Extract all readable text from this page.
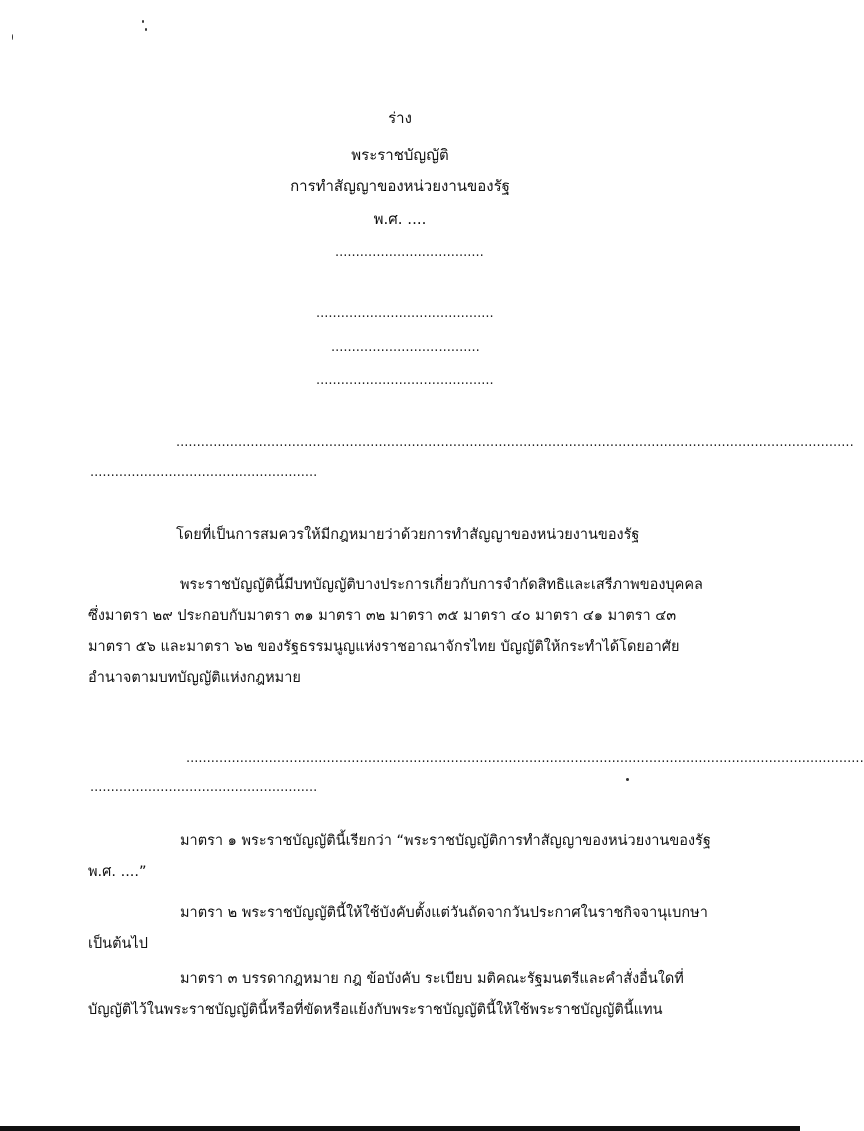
ร่าง
พระราชบัญญัติ
การทำสัญญาของหน่วยงานของรัฐ
พ.ศ. ....
....................................
...........................................
....................................
...........................................
....................................................................................................................................................................
.......................................................
โดยที่เป็นการสมควรให้มีกฎหมายว่าด้วยการทำสัญญาของหน่วยงานของรัฐ
พระราชบัญญัตินี้มีบทบัญญัติบางประการเกี่ยวกับการจำกัดสิทธิและเสรีภาพของบุคคล
ซึ่งมาตรา ๒๙ ประกอบกับมาตรา ๓๑ มาตรา ๓๒ มาตรา ๓๕ มาตรา ๔๐ มาตรา ๔๑ มาตรา ๔๓
มาตรา ๕๖ และมาตรา ๖๒ ของรัฐธรรมนูญแห่งราชอาณาจักรไทย บัญญัติให้กระทำได้โดยอาศัย
อำนาจตามบทบัญญัติแห่งกฎหมาย
....................................................................................................................................................................
.......................................................
มาตรา ๑ พระราชบัญญัตินี้เรียกว่า “พระราชบัญญัติการทำสัญญาของหน่วยงานของรัฐ
พ.ศ. ....”
มาตรา ๒ พระราชบัญญัตินี้ให้ใช้บังคับตั้งแต่วันถัดจากวันประกาศในราชกิจจานุเบกษา
เป็นต้นไป
มาตรา ๓ บรรดากฎหมาย กฎ ข้อบังคับ ระเบียบ มติคณะรัฐมนตรีและคำสั่งอื่นใดที่
บัญญัติไว้ในพระราชบัญญัตินี้หรือที่ขัดหรือแย้งกับพระราชบัญญัตินี้ให้ใช้พระราชบัญญัตินี้แทน
